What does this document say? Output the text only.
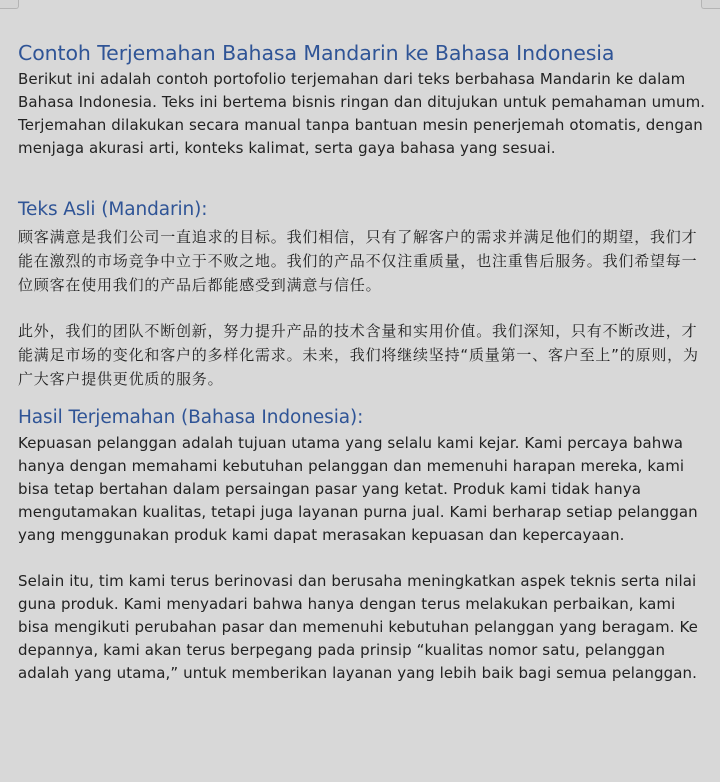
Contoh Terjemahan Bahasa Mandarin ke Bahasa Indonesia

Berikut ini adalah contoh portofolio terjemahan dari teks berbahasa Mandarin ke dalam Bahasa Indonesia. Teks ini bertema bisnis ringan dan ditujukan untuk pemahaman umum. Terjemahan dilakukan secara manual tanpa bantuan mesin penerjemah otomatis, dengan menjaga akurasi arti, konteks kalimat, serta gaya bahasa yang sesuai.

Teks Asli (Mandarin):

顾客满意是我们公司一直追求的目标。我们相信，只有了解客户的需求并满足他们的期望，我们才能在激烈的市场竞争中立于不败之地。我们的产品不仅注重质量，也注重售后服务。我们希望每一位顾客在使用我们的产品后都能感受到满意与信任。

此外，我们的团队不断创新，努力提升产品的技术含量和实用价值。我们深知，只有不断改进，才能满足市场的变化和客户的多样化需求。未来，我们将继续坚持“质量第一、客户至上”的原则，为广大客户提供更优质的服务。

Hasil Terjemahan (Bahasa Indonesia):

Kepuasan pelanggan adalah tujuan utama yang selalu kami kejar. Kami percaya bahwa hanya dengan memahami kebutuhan pelanggan dan memenuhi harapan mereka, kami bisa tetap bertahan dalam persaingan pasar yang ketat. Produk kami tidak hanya mengutamakan kualitas, tetapi juga layanan purna jual. Kami berharap setiap pelanggan yang menggunakan produk kami dapat merasakan kepuasan dan kepercayaan.

Selain itu, tim kami terus berinovasi dan berusaha meningkatkan aspek teknis serta nilai guna produk. Kami menyadari bahwa hanya dengan terus melakukan perbaikan, kami bisa mengikuti perubahan pasar dan memenuhi kebutuhan pelanggan yang beragam. Ke depannya, kami akan terus berpegang pada prinsip “kualitas nomor satu, pelanggan adalah yang utama,” untuk memberikan layanan yang lebih baik bagi semua pelanggan.
